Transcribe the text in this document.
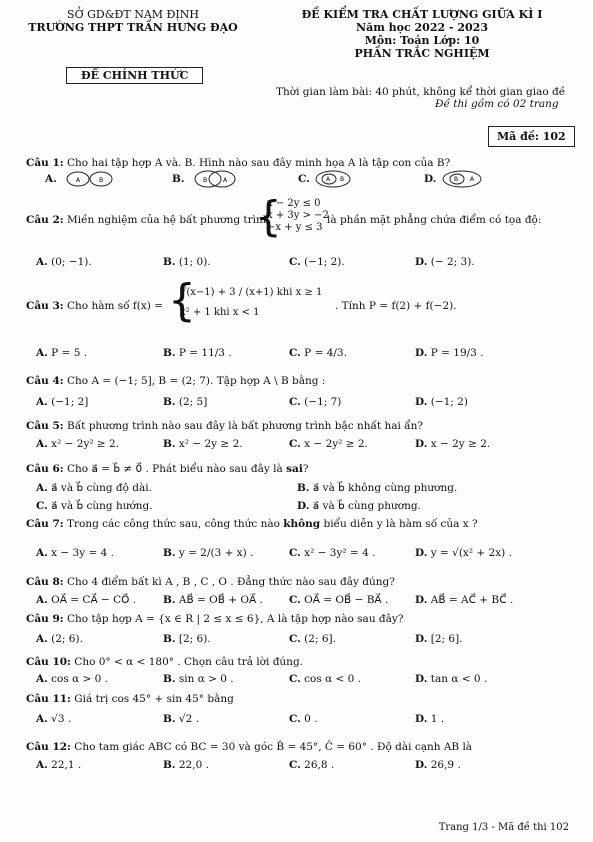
SỞ GD&ĐT NAM ĐỊNH
TRƯỜNG THPT TRẦN HƯNG ĐẠO
ĐỀ CHÍNH THỨC
ĐỀ KIỂM TRA CHẤT LƯỢNG GIỮA KÌ I
Năm học 2022 - 2023
Môn: Toán Lớp: 10
PHẦN TRẮC NGHIỆM
Thời gian làm bài: 40 phút, không kể thời gian giao đề
Đề thi gồm có 02 trang
Mã đề: 102
Câu 1: Cho hai tập hợp A và. B. Hình nào sau đây minh họa A là tập con của B?
A.	A	B	B.	B	A	C.	A B	D.	B A
Câu 2: Miền nghiệm của hệ bất phương trình
{
x − 2y ≤ 0
x + 3y > −2
−x + y ≤ 3
là phần mặt phẳng chứa điểm có tọa độ:
A. (0; −1).	B. (1; 0).	C. (−1; 2).	D. (− 2; 3).
Câu 3: Cho hàm số f(x) = {
√(x−1) + 3 / (x+1) khi x ≥ 1
x² + 1 khi x < 1
. Tính P = f(2) + f(−2).
A. P = 5 .	B. P = 11/3 .	C. P = 4/3.	D. P = 19/3 .
Câu 4: Cho A = (−1; 5], B = (2; 7). Tập hợp A \ B bằng :
A. (−1; 2]	B. (2; 5]	C. (−1; 7)	D. (−1; 2)
Câu 5: Bất phương trình nào sau đây là bất phương trình bậc nhất hai ẩn?
A. x² − 2y² ≥ 2.	B. x² − 2y ≥ 2.	C. x − 2y² ≥ 2.	D. x − 2y ≥ 2.
Câu 6: Cho a⃗ = b⃗ ≠ 0⃗ . Phát biểu nào sau đây là sai?
A. a⃗ và b⃗ cùng độ dài.	B. a⃗ và b⃗ không cùng phương.
C. a⃗ và b⃗ cùng hướng.	D. a⃗ và b⃗ cùng phương.
Câu 7: Trong các công thức sau, công thức nào không biểu diễn y là hàm số của x ?
A. x − 3y = 4 .	B. y = 2/(3 + x) .	C. x² − 3y² = 4 .	D. y = √(x² + 2x) .
Câu 8: Cho 4 điểm bất kì A , B , C , O . Đẳng thức nào sau đây đúng?
A. OA⃗ = CA⃗ − CO⃗ .	B. AB⃗ = OB⃗ + OA⃗ . C. OA⃗ = OB⃗ − BA⃗ .	D. AB⃗ = AC⃗ + BC⃗ .
Câu 9: Cho tập hợp A = {x ∈ R | 2 ≤ x ≤ 6}, A là tập hợp nào sau đây?
A. (2; 6).	B. [2; 6).	C. (2; 6].	D. [2; 6].
Câu 10: Cho 0° < α < 180° . Chọn câu trả lời đúng.
A. cos α > 0 .	B. sin α > 0 .	C. cos α < 0 .	D. tan α < 0 .
Câu 11: Giá trị cos 45° + sin 45° bằng
A. √3 .	B. √2 .	C. 0 .	D. 1 .
Câu 12: Cho tam giác ABC có BC = 30 và góc B̂ = 45°, Ĉ = 60° . Độ dài cạnh AB là
A. 22,1 .	B. 22,0 .	C. 26,8 .	D. 26,9 .
Trang 1/3 - Mã đề thi 102
